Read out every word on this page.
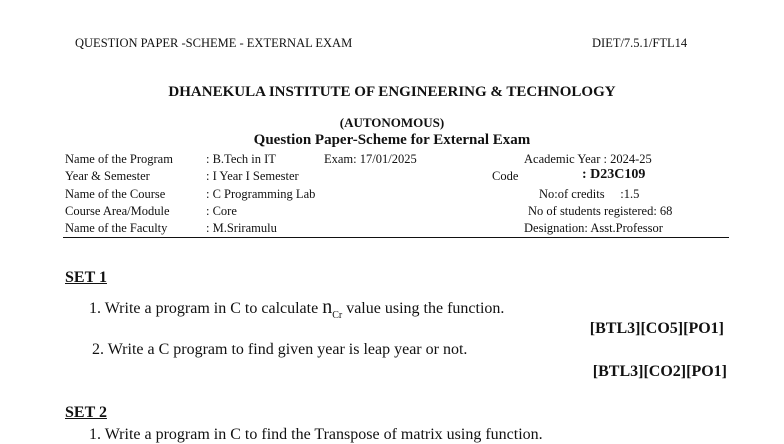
QUESTION PAPER -SCHEME - EXTERNAL EXAM	DIET/7.5.1/FTL14
DHANEKULA INSTITUTE OF ENGINEERING & TECHNOLOGY
(AUTONOMOUS)
Question Paper-Scheme for External Exam
Name of the Program	: B.Tech in IT	Exam: 17/01/2025	Academic Year : 2024-25
Year & Semester	: I Year I Semester	Code	: D23C109
Name of the Course	: C Programming Lab	No:of credits     :1.5
Course Area/Module	: Core	No of students registered: 68
Name of the Faculty	: M.Sriramulu	Designation: Asst.Professor
SET 1
1. Write a program in C to calculate $n_{Cr}$ value using the function.
[BTL3][CO5][PO1]
2. Write a C program to find given year is leap year or not.
[BTL3][CO2][PO1]
SET 2
1. Write a program in C to find the Transpose of matrix using function.
